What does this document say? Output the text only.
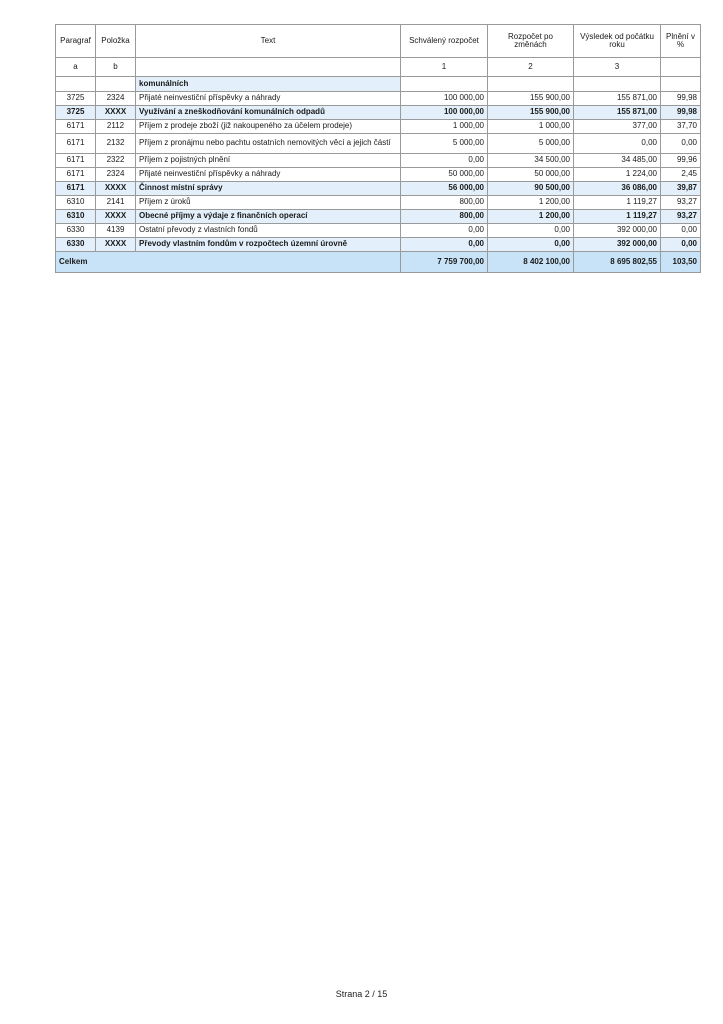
Paragraf	Položka	Text	Schválený rozpočet	Rozpočet po změnách	Výsledek od počátku roku	Plnění v %
a	b		1	2	3	
		komunálních				
3725	2324	Přijaté neinvestiční příspěvky a náhrady	100 000,00	155 900,00	155 871,00	99,98
3725	XXXX	Využívání a zneškodňování komunálních odpadů	100 000,00	155 900,00	155 871,00	99,98
6171	2112	Příjem z prodeje zboží (již nakoupeného za účelem prodeje)	1 000,00	1 000,00	377,00	37,70
6171	2132	Příjem z pronájmu nebo pachtu ostatních nemovitých věcí a jejich částí	5 000,00	5 000,00	0,00	0,00
6171	2322	Příjem z pojistných plnění	0,00	34 500,00	34 485,00	99,96
6171	2324	Přijaté neinvestiční příspěvky a náhrady	50 000,00	50 000,00	1 224,00	2,45
6171	XXXX	Činnost místní správy	56 000,00	90 500,00	36 086,00	39,87
6310	2141	Příjem z úroků	800,00	1 200,00	1 119,27	93,27
6310	XXXX	Obecné příjmy a výdaje z finančních operací	800,00	1 200,00	1 119,27	93,27
6330	4139	Ostatní převody z vlastních fondů	0,00	0,00	392 000,00	0,00
6330	XXXX	Převody vlastním fondům v rozpočtech územní úrovně	0,00	0,00	392 000,00	0,00
Celkem			7 759 700,00	8 402 100,00	8 695 802,55	103,50
Strana 2 / 15
